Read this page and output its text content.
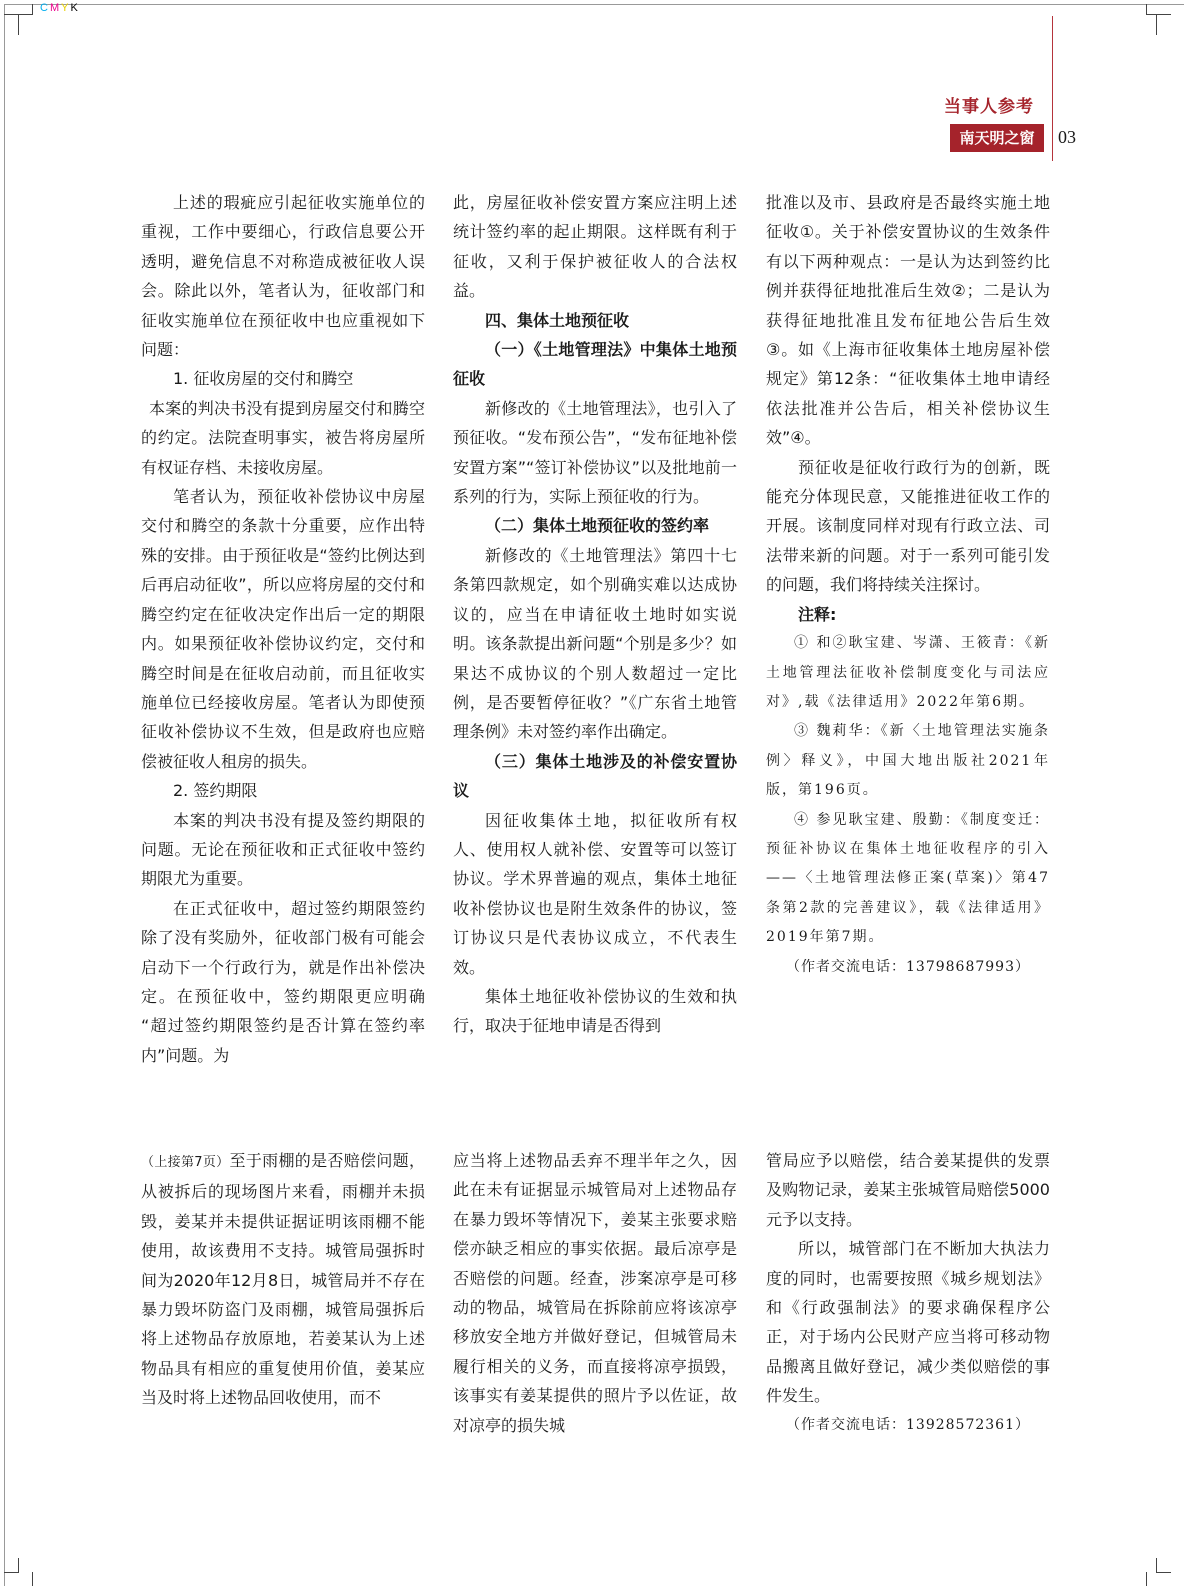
CMYK
当事人参考
南天明之窗	03

上述的瑕疵应引起征收实施单位的重视，工作中要细心，行政信息要公开透明，避免信息不对称造成被征收人误会。除此以外，笔者认为，征收部门和征收实施单位在预征收中也应重视如下问题：

1. 征收房屋的交付和腾空

本案的判决书没有提到房屋交付和腾空的约定。法院查明事实，被告将房屋所有权证存档、未接收房屋。

笔者认为，预征收补偿协议中房屋交付和腾空的条款十分重要，应作出特殊的安排。由于预征收是“签约比例达到后再启动征收”，所以应将房屋的交付和腾空约定在征收决定作出后一定的期限内。如果预征收补偿协议约定，交付和腾空时间是在征收启动前，而且征收实施单位已经接收房屋。笔者认为即使预征收补偿协议不生效，但是政府也应赔偿被征收人租房的损失。

2. 签约期限

本案的判决书没有提及签约期限的问题。无论在预征收和正式征收中签约期限尤为重要。

在正式征收中，超过签约期限签约除了没有奖励外，征收部门极有可能会启动下一个行政行为，就是作出补偿决定。在预征收中，签约期限更应明确 “超过签约期限签约是否计算在签约率内”问题。为

此，房屋征收补偿安置方案应注明上述统计签约率的起止期限。这样既有利于征收，又利于保护被征收人的合法权益。

四、集体土地预征收

（一）《土地管理法》中集体土地预征收

新修改的《土地管理法》，也引入了预征收。“发布预公告”，“发布征地补偿安置方案”“签订补偿协议”以及批地前一系列的行为，实际上预征收的行为。

（二）集体土地预征收的签约率

新修改的《土地管理法》第四十七条第四款规定，如个别确实难以达成协议的，应当在申请征收土地时如实说明。该条款提出新问题“个别是多少？如果达不成协议的个别人数超过一定比例，是否要暂停征收？”《广东省土地管理条例》未对签约率作出确定。

（三）集体土地涉及的补偿安置协议

因征收集体土地，拟征收所有权人、使用权人就补偿、安置等可以签订协议。学术界普遍的观点，集体土地征收补偿协议也是附生效条件的协议，签订协议只是代表协议成立，不代表生效。

集体土地征收补偿协议的生效和执行，取决于征地申请是否得到

批准以及市、县政府是否最终实施土地征收①。关于补偿安置协议的生效条件有以下两种观点：一是认为达到签约比例并获得征地批准后生效②；二是认为获得征地批准且发布征地公告后生效③。如《上海市征收集体土地房屋补偿规定》第12条：“征收集体土地申请经依法批准并公告后，相关补偿协议生效”④。

预征收是征收行政行为的创新，既能充分体现民意，又能推进征收工作的开展。该制度同样对现有行政立法、司法带来新的问题。对于一系列可能引发的问题，我们将持续关注探讨。

注释:

① 和②耿宝建、岑潇、王筱青：《新土地管理法征收补偿制度变化与司法应对》,载《法律适用》2022年第6期。

③ 魏莉华：《新〈土地管理法实施条例〉释义》，中国大地出版社2021年版，第196页。

④ 参见耿宝建、殷勤：《制度变迁：预征补协议在集体土地征收程序的引入——〈土地管理法修正案(草案)〉第47条第2款的完善建议》，载《法律适用》2019年第7期。

（作者交流电话：13798687993）

（上接第7页）至于雨棚的是否赔偿问题，从被拆后的现场图片来看，雨棚并未损毁，姜某并未提供证据证明该雨棚不能使用，故该费用不支持。城管局强拆时间为2020年12月8日，城管局并不存在暴力毁坏防盗门及雨棚，城管局强拆后将上述物品存放原地，若姜某认为上述物品具有相应的重复使用价值，姜某应当及时将上述物品回收使用，而不

应当将上述物品丢弃不理半年之久，因此在未有证据显示城管局对上述物品存在暴力毁坏等情况下，姜某主张要求赔偿亦缺乏相应的事实依据。最后凉亭是否赔偿的问题。经查，涉案凉亭是可移动的物品，城管局在拆除前应将该凉亭移放安全地方并做好登记，但城管局未履行相关的义务，而直接将凉亭损毁，该事实有姜某提供的照片予以佐证，故对凉亭的损失城

管局应予以赔偿，结合姜某提供的发票及购物记录，姜某主张城管局赔偿5000元予以支持。

所以，城管部门在不断加大执法力度的同时，也需要按照《城乡规划法》和《行政强制法》的要求确保程序公正，对于场内公民财产应当将可移动物品搬离且做好登记，减少类似赔偿的事件发生。

（作者交流电话：13928572361）
